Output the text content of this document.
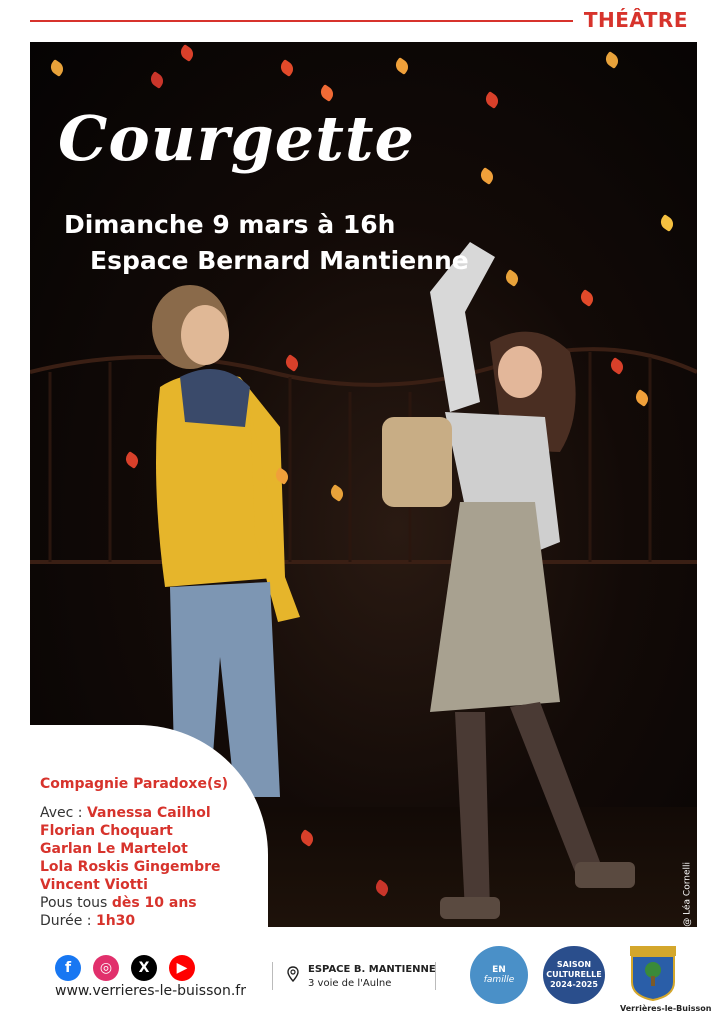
THÉÂTRE
@ Léa Cornelli
Courgette
Dimanche 9 mars à 16h
Espace Bernard Mantienne
Compagnie Paradoxe(s)
Avec : Vanessa Cailhol
Florian Choquart
Garlan Le Martelot
Lola Roskis Gingembre
Vincent Viotti
Pous tous dès 10 ans
Durée : 1h30
f	◎	X	▶
www.verrieres-le-buisson.fr
ESPACE B. MANTIENNE
3 voie de l'Aulne
EN
famille
SAISON
CULTURELLE
2024-2025
Verrières-le-Buisson
